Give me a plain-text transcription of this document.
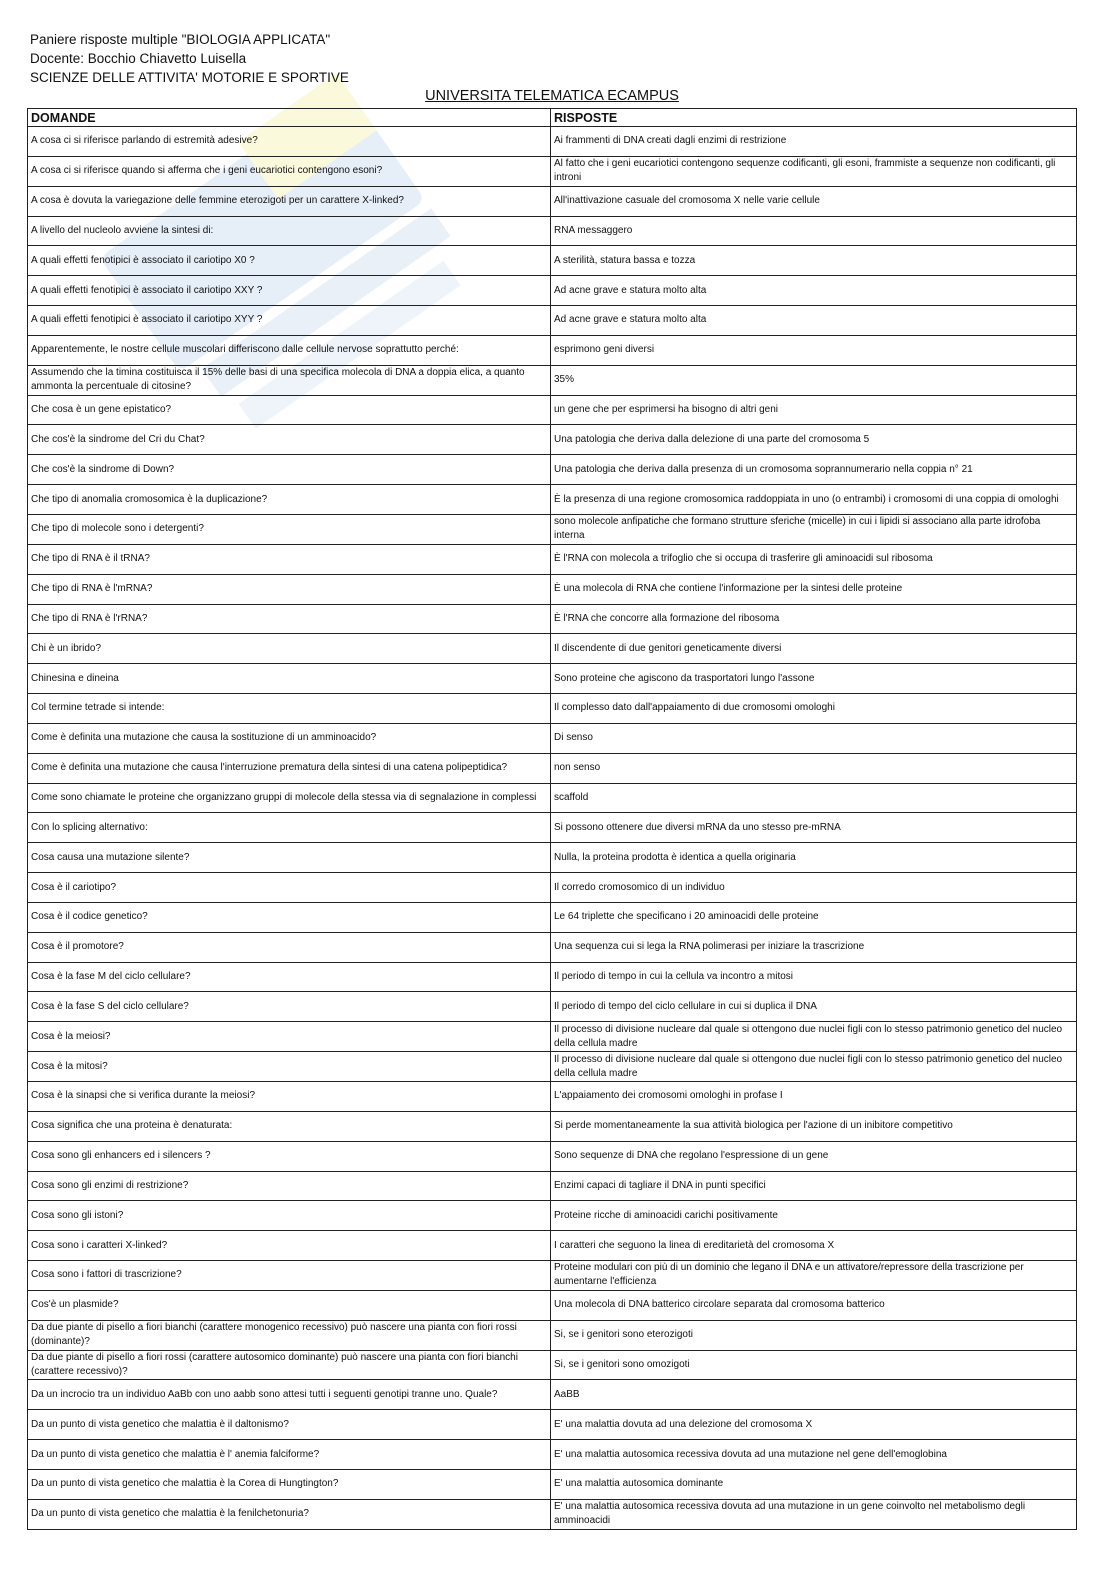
Paniere risposte multiple "BIOLOGIA APPLICATA"
Docente: Bocchio Chiavetto Luisella
SCIENZE DELLE ATTIVITA' MOTORIE E SPORTIVE
UNIVERSITA TELEMATICA ECAMPUS
DOMANDE	RISPOSTE
A cosa ci si riferisce parlando di estremità adesive?	Ai frammenti di DNA creati dagli enzimi di restrizione
A cosa ci si riferisce quando si afferma che i geni eucariotici contengono esoni?	Al fatto che i geni eucariotici contengono sequenze codificanti, gli esoni, frammiste a sequenze non codificanti, gli introni
A cosa è dovuta la variegazione delle femmine eterozigoti per un carattere X-linked?	All'inattivazione casuale del cromosoma X nelle varie cellule
A livello del nucleolo avviene la sintesi di:	RNA messaggero
A quali effetti fenotipici è associato il cariotipo X0 ?	A sterilità, statura bassa e tozza
A quali effetti fenotipici è associato il cariotipo XXY ?	Ad acne grave e statura molto alta
A quali effetti fenotipici è associato il cariotipo XYY ?	Ad acne grave e statura molto alta
Apparentemente, le nostre cellule muscolari differiscono dalle cellule nervose soprattutto perché:	esprimono geni diversi
Assumendo che la timina costituisca il 15% delle basi di una specifica molecola di DNA a doppia elica, a quanto ammonta la percentuale di citosine?	35%
Che cosa è un gene epistatico?	un gene che per esprimersi ha bisogno di altri geni
Che cos'è la sindrome del Cri du Chat?	Una patologia che deriva dalla delezione di una parte del cromosoma 5
Che cos'è la sindrome di Down?	Una patologia che deriva dalla presenza di un cromosoma soprannumerario nella coppia n° 21
Che tipo di anomalia cromosomica è la duplicazione?	È la presenza di una regione cromosomica raddoppiata in uno (o entrambi) i cromosomi di una coppia di omologhi
Che tipo di molecole sono i detergenti?	sono molecole anfipatiche che formano strutture sferiche (micelle) in cui i lipidi si associano alla parte idrofoba interna
Che tipo di RNA è il tRNA?	È l'RNA con molecola a trifoglio che si occupa di trasferire gli aminoacidi sul ribosoma
Che tipo di RNA è l'mRNA?	È una molecola di RNA che contiene l'informazione per la sintesi delle proteine
Che tipo di RNA è l'rRNA?	È l'RNA che concorre alla formazione del ribosoma
Chi è un ibrido?	Il discendente di due genitori geneticamente diversi
Chinesina e dineina	Sono proteine che agiscono da trasportatori lungo l'assone
Col termine tetrade si intende:	Il complesso dato dall'appaiamento di due cromosomi omologhi
Come è definita una mutazione che causa la sostituzione di un amminoacido?	Di senso
Come è definita una mutazione che causa l'interruzione prematura della sintesi di una catena polipeptidica?	non senso
Come sono chiamate le proteine che organizzano gruppi di molecole della stessa via di segnalazione in complessi	scaffold
Con lo splicing alternativo:	Si possono ottenere due diversi mRNA da uno stesso pre-mRNA
Cosa causa una mutazione silente?	Nulla, la proteina prodotta è identica a quella originaria
Cosa è il cariotipo?	Il corredo cromosomico di un individuo
Cosa è il codice genetico?	Le 64 triplette che specificano i 20 aminoacidi delle proteine
Cosa è il promotore?	Una sequenza cui si lega la RNA polimerasi per iniziare la trascrizione
Cosa è la fase M del ciclo cellulare?	Il periodo di tempo in cui la cellula va incontro a mitosi
Cosa è la fase S del ciclo cellulare?	Il periodo di tempo del ciclo cellulare in cui si duplica il DNA
Cosa è la meiosi?	Il processo di divisione nucleare dal quale si ottengono due nuclei figli con lo stesso patrimonio genetico del nucleo della cellula madre
Cosa è la mitosi?	Il processo di divisione nucleare dal quale si ottengono due nuclei figli con lo stesso patrimonio genetico del nucleo della cellula madre
Cosa è la sinapsi che si verifica durante la meiosi?	L'appaiamento dei cromosomi omologhi in profase I
Cosa significa che una proteina è denaturata:	Si perde momentaneamente la sua attività biologica per l'azione di un inibitore competitivo
Cosa sono gli enhancers ed i silencers ?	Sono sequenze di DNA che regolano l'espressione di un gene
Cosa sono gli enzimi di restrizione?	Enzimi capaci di tagliare il DNA in punti specifici
Cosa sono gli istoni?	Proteine ricche di aminoacidi carichi positivamente
Cosa sono i caratteri X-linked?	I caratteri che seguono la linea di ereditarietà del cromosoma X
Cosa sono i fattori di trascrizione?	Proteine modulari con più di un dominio che legano il DNA e un attivatore/repressore della trascrizione per aumentarne l'efficienza
Cos'è un plasmide?	Una molecola di DNA batterico circolare separata dal cromosoma batterico
Da due piante di pisello a fiori bianchi (carattere monogenico recessivo) può nascere una pianta con fiori rossi (dominante)?	Si, se i genitori sono eterozigoti
Da due piante di pisello a fiori rossi (carattere autosomico dominante) può nascere una pianta con fiori bianchi (carattere recessivo)?	Si, se i genitori sono omozigoti
Da un incrocio tra un individuo AaBb con uno aabb sono attesi tutti i seguenti genotipi tranne uno. Quale?	AaBB
Da un punto di vista genetico che malattia è il daltonismo?	E' una malattia dovuta ad una delezione del cromosoma X
Da un punto di vista genetico che malattia è l' anemia falciforme?	E' una malattia autosomica recessiva dovuta ad una mutazione nel gene dell'emoglobina
Da un punto di vista genetico che malattia è la Corea di Hungtington?	E' una malattia autosomica dominante
Da un punto di vista genetico che malattia è la fenilchetonuria?	E' una malattia autosomica recessiva dovuta ad una mutazione in un gene coinvolto nel metabolismo degli amminoacidi
